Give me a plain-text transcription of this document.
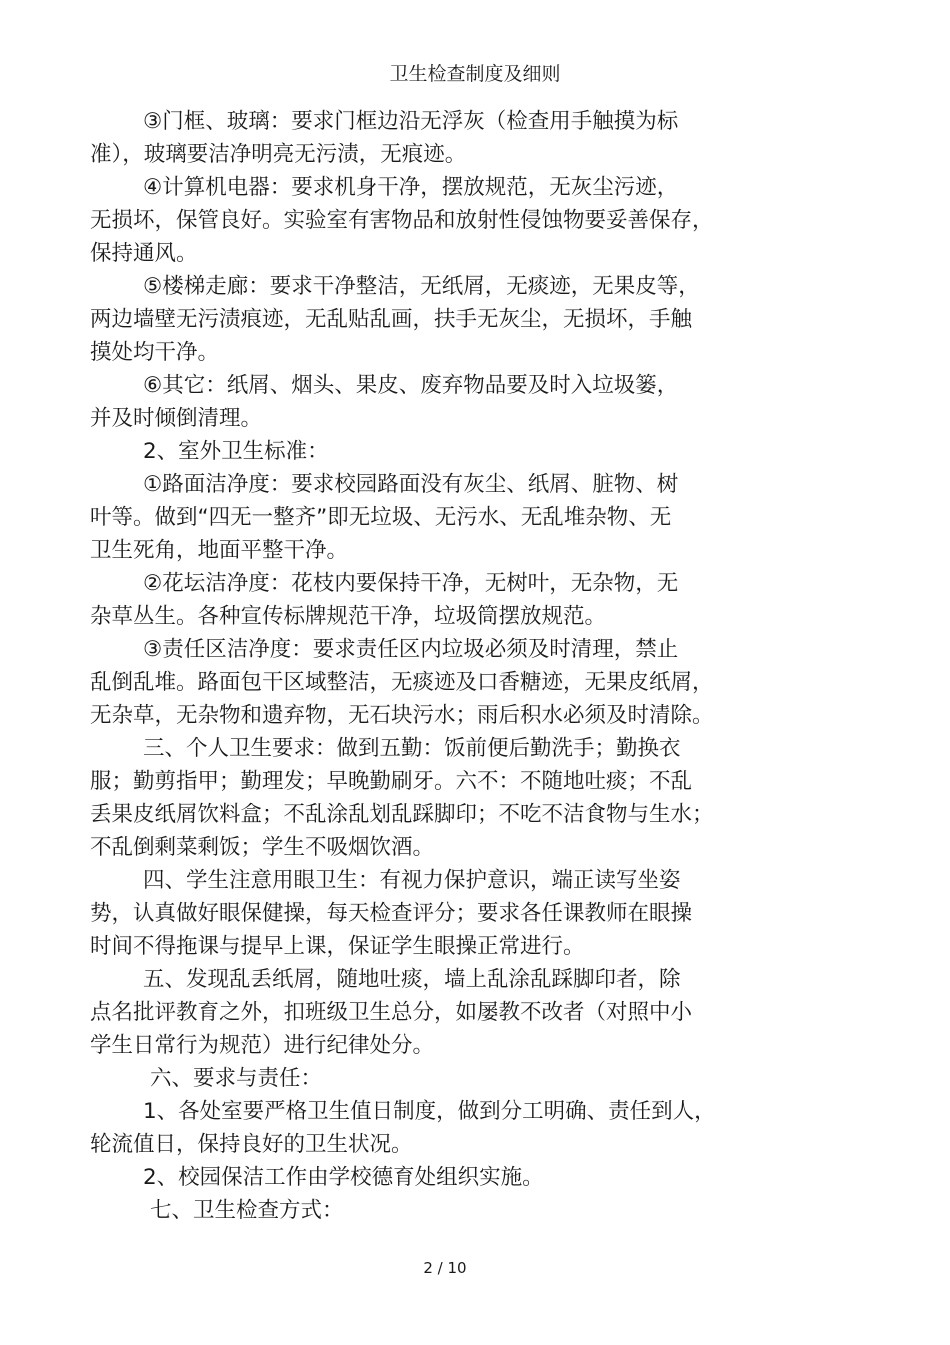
卫生检查制度及细则
③门框、玻璃：要求门框边沿无浮灰（检查用手触摸为标
准），玻璃要洁净明亮无污渍，无痕迹。
④计算机电器：要求机身干净，摆放规范，无灰尘污迹，
无损坏，保管良好。实验室有害物品和放射性侵蚀物要妥善保存，
保持通风。
⑤楼梯走廊：要求干净整洁，无纸屑，无痰迹，无果皮等，
两边墙壁无污渍痕迹，无乱贴乱画，扶手无灰尘，无损坏，手触
摸处均干净。
⑥其它：纸屑、烟头、果皮、废弃物品要及时入垃圾篓，
并及时倾倒清理。
2、室外卫生标准：
①路面洁净度：要求校园路面没有灰尘、纸屑、脏物、树
叶等。做到“四无一整齐”即无垃圾、无污水、无乱堆杂物、无
卫生死角，地面平整干净。
②花坛洁净度：花枝内要保持干净，无树叶，无杂物，无
杂草丛生。各种宣传标牌规范干净，垃圾筒摆放规范。
③责任区洁净度：要求责任区内垃圾必须及时清理，禁止
乱倒乱堆。路面包干区域整洁，无痰迹及口香糖迹，无果皮纸屑，
无杂草，无杂物和遗弃物，无石块污水；雨后积水必须及时清除。
三、个人卫生要求：做到五勤：饭前便后勤洗手；勤换衣
服；勤剪指甲；勤理发；早晚勤刷牙。六不：不随地吐痰；不乱
丢果皮纸屑饮料盒；不乱涂乱划乱踩脚印；不吃不洁食物与生水；
不乱倒剩菜剩饭；学生不吸烟饮酒。
四、学生注意用眼卫生：有视力保护意识，端正读写坐姿
势，认真做好眼保健操，每天检查评分；要求各任课教师在眼操
时间不得拖课与提早上课，保证学生眼操正常进行。
五、发现乱丢纸屑，随地吐痰，墙上乱涂乱踩脚印者，除
点名批评教育之外，扣班级卫生总分，如屡教不改者（对照中小
学生日常行为规范）进行纪律处分。
六、要求与责任：
1、各处室要严格卫生值日制度，做到分工明确、责任到人，
轮流值日，保持良好的卫生状况。
2、校园保洁工作由学校德育处组织实施。
七、卫生检查方式：
2 / 10
